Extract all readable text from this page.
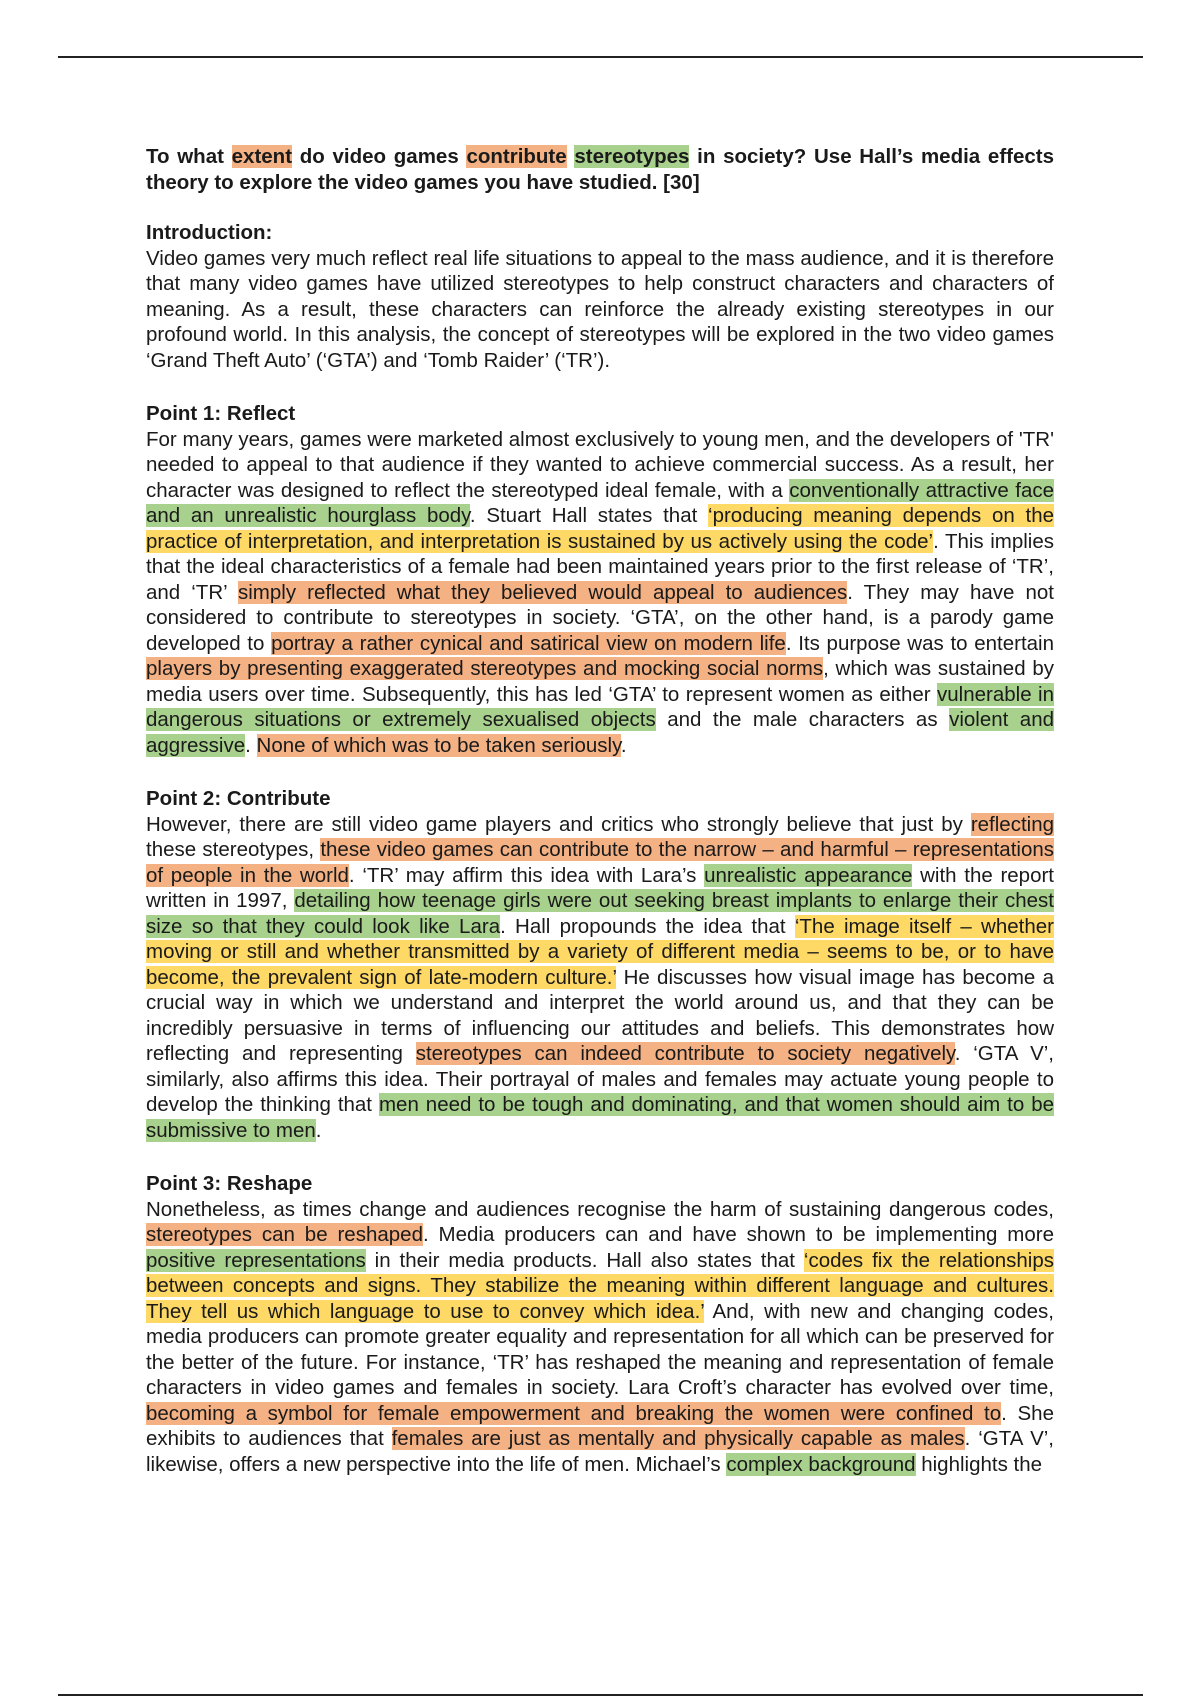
To what extent do video games contribute stereotypes in society? Use Hall’s media effects theory to explore the video games you have studied. [30]

Introduction:

Video games very much reflect real life situations to appeal to the mass audience, and it is therefore that many video games have utilized stereotypes to help construct characters and characters of meaning. As a result, these characters can reinforce the already existing stereotypes in our profound world. In this analysis, the concept of stereotypes will be explored in the two video games ‘Grand Theft Auto’ (‘GTA’) and ‘Tomb Raider’ (‘TR’).

Point 1: Reflect

For many years, games were marketed almost exclusively to young men, and the developers of 'TR' needed to appeal to that audience if they wanted to achieve commercial success. As a result, her character was designed to reflect the stereotyped ideal female, with a conventionally attractive face and an unrealistic hourglass body. Stuart Hall states that ‘producing meaning depends on the practice of interpretation, and interpretation is sustained by us actively using the code’. This implies that the ideal characteristics of a female had been maintained years prior to the first release of ‘TR’, and ‘TR’ simply reflected what they believed would appeal to audiences. They may have not considered to contribute to stereotypes in society. ‘GTA’, on the other hand, is a parody game developed to portray a rather cynical and satirical view on modern life. Its purpose was to entertain players by presenting exaggerated stereotypes and mocking social norms, which was sustained by media users over time. Subsequently, this has led ‘GTA’ to represent women as either vulnerable in dangerous situations or extremely sexualised objects and the male characters as violent and aggressive. None of which was to be taken seriously.

Point 2: Contribute

However, there are still video game players and critics who strongly believe that just by reflecting these stereotypes, these video games can contribute to the narrow – and harmful – representations of people in the world. ‘TR’ may affirm this idea with Lara’s unrealistic appearance with the report written in 1997, detailing how teenage girls were out seeking breast implants to enlarge their chest size so that they could look like Lara. Hall propounds the idea that ‘The image itself – whether moving or still and whether transmitted by a variety of different media – seems to be, or to have become, the prevalent sign of late-modern culture.’ He discusses how visual image has become a crucial way in which we understand and interpret the world around us, and that they can be incredibly persuasive in terms of influencing our attitudes and beliefs. This demonstrates how reflecting and representing stereotypes can indeed contribute to society negatively. ‘GTA V’, similarly, also affirms this idea. Their portrayal of males and females may actuate young people to develop the thinking that men need to be tough and dominating, and that women should aim to be submissive to men.

Point 3: Reshape

Nonetheless, as times change and audiences recognise the harm of sustaining dangerous codes, stereotypes can be reshaped. Media producers can and have shown to be implementing more positive representations in their media products. Hall also states that ‘codes fix the relationships between concepts and signs. They stabilize the meaning within different language and cultures. They tell us which language to use to convey which idea.’ And, with new and changing codes, media producers can promote greater equality and representation for all which can be preserved for the better of the future. For instance, ‘TR’ has reshaped the meaning and representation of female characters in video games and females in society. Lara Croft’s character has evolved over time, becoming a symbol for female empowerment and breaking the women were confined to. She exhibits to audiences that females are just as mentally and physically capable as males. ‘GTA V’, likewise, offers a new perspective into the life of men. Michael’s complex background highlights the
